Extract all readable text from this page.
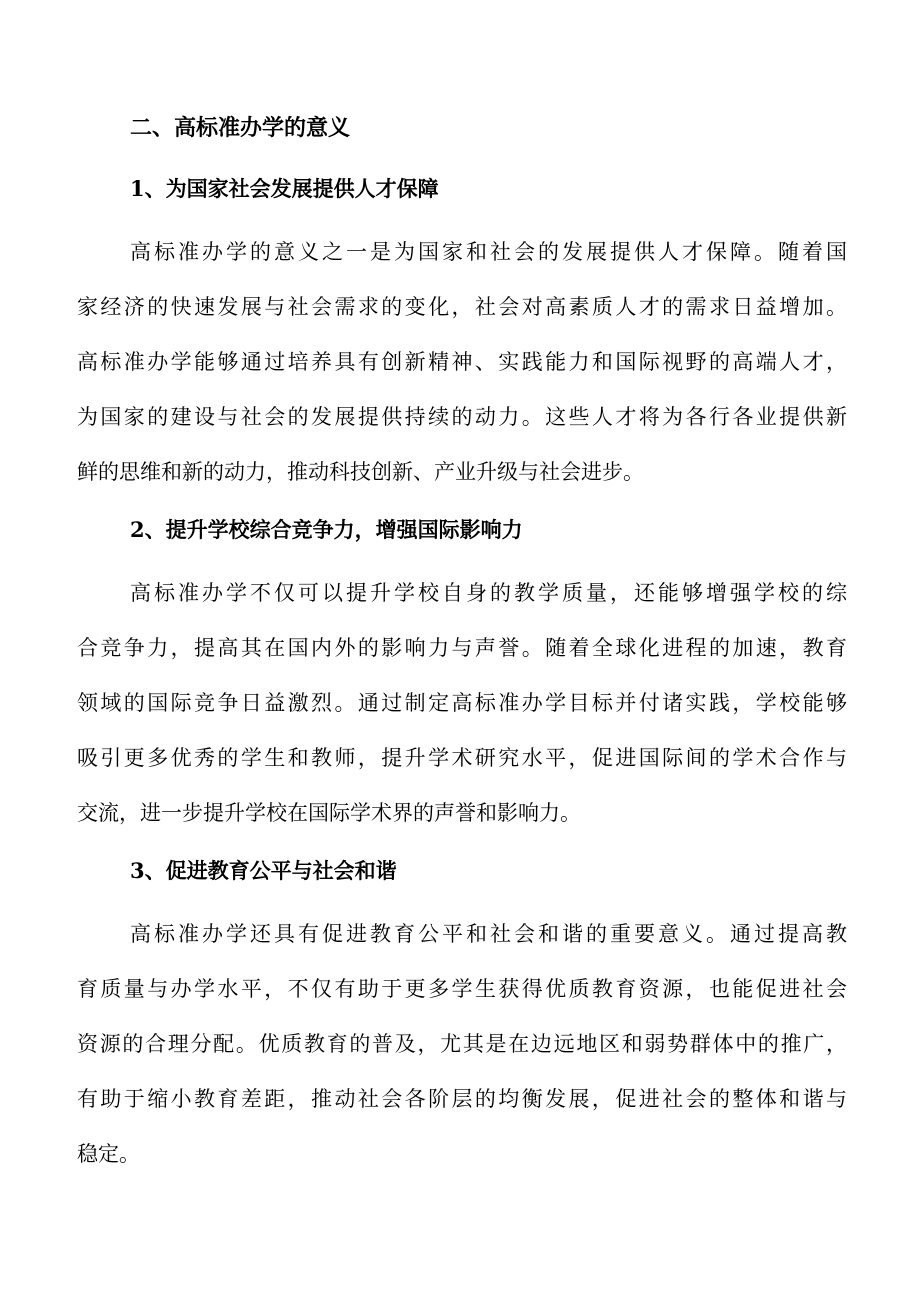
二、高标准办学的意义
1、为国家社会发展提供人才保障
高标准办学的意义之一是为国家和社会的发展提供人才保障。随着国
家经济的快速发展与社会需求的变化，社会对高素质人才的需求日益增加。
高标准办学能够通过培养具有创新精神、实践能力和国际视野的高端人才，
为国家的建设与社会的发展提供持续的动力。这些人才将为各行各业提供新
鲜的思维和新的动力，推动科技创新、产业升级与社会进步。
2、提升学校综合竞争力，增强国际影响力
高标准办学不仅可以提升学校自身的教学质量，还能够增强学校的综
合竞争力，提高其在国内外的影响力与声誉。随着全球化进程的加速，教育
领域的国际竞争日益激烈。通过制定高标准办学目标并付诸实践，学校能够
吸引更多优秀的学生和教师，提升学术研究水平，促进国际间的学术合作与
交流，进一步提升学校在国际学术界的声誉和影响力。
3、促进教育公平与社会和谐
高标准办学还具有促进教育公平和社会和谐的重要意义。通过提高教
育质量与办学水平，不仅有助于更多学生获得优质教育资源，也能促进社会
资源的合理分配。优质教育的普及，尤其是在边远地区和弱势群体中的推广，
有助于缩小教育差距，推动社会各阶层的均衡发展，促进社会的整体和谐与
稳定。
